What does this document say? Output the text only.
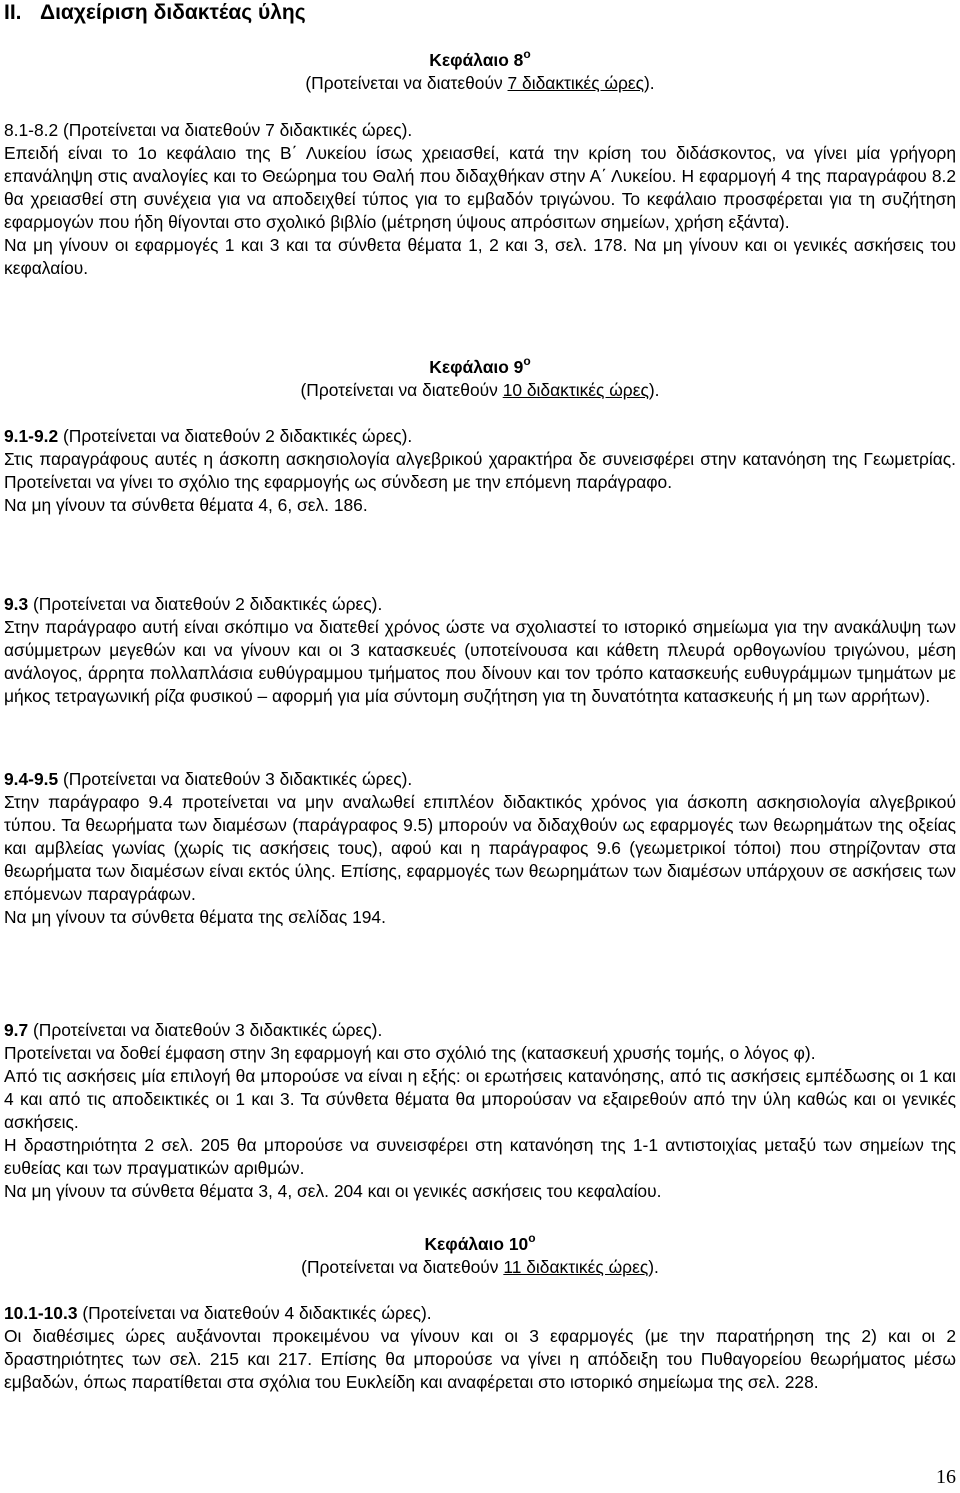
II. Διαχείριση διδακτέας ύλης

Κεφάλαιο $8^o$

(Προτείνεται να διατεθούν 7 διδακτικές ώρες).

8.1-8.2 (Προτείνεται να διατεθούν 7 διδακτικές ώρες).

Επειδή είναι το 1ο κεφάλαιο της Β΄ Λυκείου ίσως χρειασθεί, κατά την κρίση του διδάσκοντος, να γίνει μία γρήγορη επανάληψη στις αναλογίες και το Θεώρημα του Θαλή που διδαχθήκαν στην Α΄ Λυκείου. Η εφαρμογή 4 της παραγράφου 8.2 θα χρειασθεί στη συνέχεια για να αποδειχθεί τύπος για το εμβαδόν τριγώνου. Το κεφάλαιο προσφέρεται για τη συζήτηση εφαρμογών που ήδη θίγονται στο σχολικό βιβλίο (μέτρηση ύψους απρόσιτων σημείων, χρήση εξάντα).

Να μη γίνουν οι εφαρμογές 1 και 3 και τα σύνθετα θέματα 1, 2 και 3, σελ. 178. Να μη γίνουν και οι γενικές ασκήσεις του κεφαλαίου.

Κεφάλαιο $9^o$

(Προτείνεται να διατεθούν 10 διδακτικές ώρες).

9.1-9.2 (Προτείνεται να διατεθούν 2 διδακτικές ώρες).

Στις παραγράφους αυτές η άσκοπη ασκησιολογία αλγεβρικού χαρακτήρα δε συνεισφέρει στην κατανόηση της Γεωμετρίας. Προτείνεται να γίνει το σχόλιο της εφαρμογής ως σύνδεση με την επόμενη παράγραφο.

Να μη γίνουν τα σύνθετα θέματα 4, 6, σελ. 186.

9.3 (Προτείνεται να διατεθούν 2 διδακτικές ώρες).

Στην παράγραφο αυτή είναι σκόπιμο να διατεθεί χρόνος ώστε να σχολιαστεί το ιστορικό σημείωμα για την ανακάλυψη των ασύμμετρων μεγεθών και να γίνουν και οι 3 κατασκευές (υποτείνουσα και κάθετη πλευρά ορθογωνίου τριγώνου, μέση ανάλογος, άρρητα πολλαπλάσια ευθύγραμμου τμήματος που δίνουν και τον τρόπο κατασκευής ευθυγράμμων τμημάτων με μήκος τετραγωνική ρίζα φυσικού – αφορμή για μία σύντομη συζήτηση για τη δυνατότητα κατασκευής ή μη των αρρήτων).

9.4-9.5 (Προτείνεται να διατεθούν 3 διδακτικές ώρες).

Στην παράγραφο 9.4 προτείνεται να μην αναλωθεί επιπλέον διδακτικός χρόνος για άσκοπη ασκησιολογία αλγεβρικού τύπου. Τα θεωρήματα των διαμέσων (παράγραφος 9.5) μπορούν να διδαχθούν ως εφαρμογές των θεωρημάτων της οξείας και αμβλείας γωνίας (χωρίς τις ασκήσεις τους), αφού και η παράγραφος 9.6 (γεωμετρικοί τόποι) που στηρίζονταν στα θεωρήματα των διαμέσων είναι εκτός ύλης. Επίσης, εφαρμογές των θεωρημάτων των διαμέσων υπάρχουν σε ασκήσεις των επόμενων παραγράφων.

Να μη γίνουν τα σύνθετα θέματα της σελίδας 194.

9.7 (Προτείνεται να διατεθούν 3 διδακτικές ώρες).

Προτείνεται να δοθεί έμφαση στην 3η εφαρμογή και στο σχόλιό της (κατασκευή χρυσής τομής, ο λόγος φ).

Από τις ασκήσεις μία επιλογή θα μπορούσε να είναι η εξής: οι ερωτήσεις κατανόησης, από τις ασκήσεις εμπέδωσης οι 1 και 4 και από τις αποδεικτικές οι 1 και 3. Τα σύνθετα θέματα θα μπορούσαν να εξαιρεθούν από την ύλη καθώς και οι γενικές ασκήσεις.

Η δραστηριότητα 2 σελ. 205 θα μπορούσε να συνεισφέρει στη κατανόηση της 1-1 αντιστοιχίας μεταξύ των σημείων της ευθείας και των πραγματικών αριθμών.

Να μη γίνουν τα σύνθετα θέματα 3, 4, σελ. 204 και οι γενικές ασκήσεις του κεφαλαίου.

Κεφάλαιο $10^o$

(Προτείνεται να διατεθούν 11 διδακτικές ώρες).

10.1-10.3 (Προτείνεται να διατεθούν 4 διδακτικές ώρες).

Οι διαθέσιμες ώρες αυξάνονται προκειμένου να γίνουν και οι 3 εφαρμογές (με την παρατήρηση της 2) και οι 2 δραστηριότητες των σελ. 215 και 217. Επίσης θα μπορούσε να γίνει η απόδειξη του Πυθαγορείου θεωρήματος μέσω εμβαδών, όπως παρατίθεται στα σχόλια του Ευκλείδη και αναφέρεται στο ιστορικό σημείωμα της σελ. 228.

16
